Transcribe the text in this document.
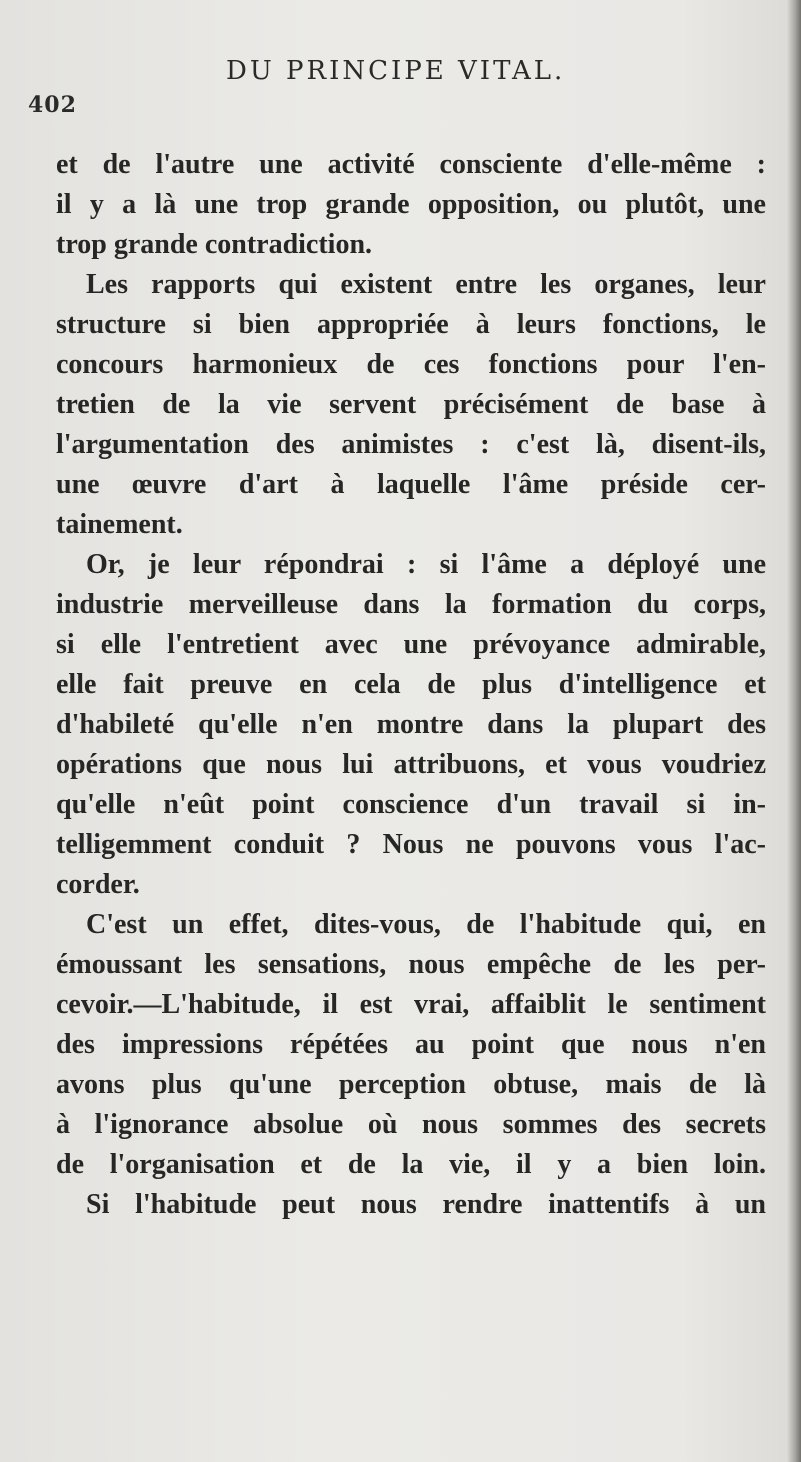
402
DU PRINCIPE VITAL.
et de l'autre une activité consciente d'elle-même :
il y a là une trop grande opposition, ou plutôt, une
trop grande contradiction.
Les rapports qui existent entre les organes, leur
structure si bien appropriée à leurs fonctions, le
concours harmonieux de ces fonctions pour l'en-
tretien de la vie servent précisément de base à
l'argumentation des animistes : c'est là, disent-ils,
une œuvre d'art à laquelle l'âme préside cer-
tainement.
Or, je leur répondrai : si l'âme a déployé une
industrie merveilleuse dans la formation du corps,
si elle l'entretient avec une prévoyance admirable,
elle fait preuve en cela de plus d'intelligence et
d'habileté qu'elle n'en montre dans la plupart des
opérations que nous lui attribuons, et vous voudriez
qu'elle n'eût point conscience d'un travail si in-
telligemment conduit ? Nous ne pouvons vous l'ac-
corder.
C'est un effet, dites-vous, de l'habitude qui, en
émoussant les sensations, nous empêche de les per-
cevoir.—L'habitude, il est vrai, affaiblit le sentiment
des impressions répétées au point que nous n'en
avons plus qu'une perception obtuse, mais de là
à l'ignorance absolue où nous sommes des secrets
de l'organisation et de la vie, il y a bien loin.
Si l'habitude peut nous rendre inattentifs à un
